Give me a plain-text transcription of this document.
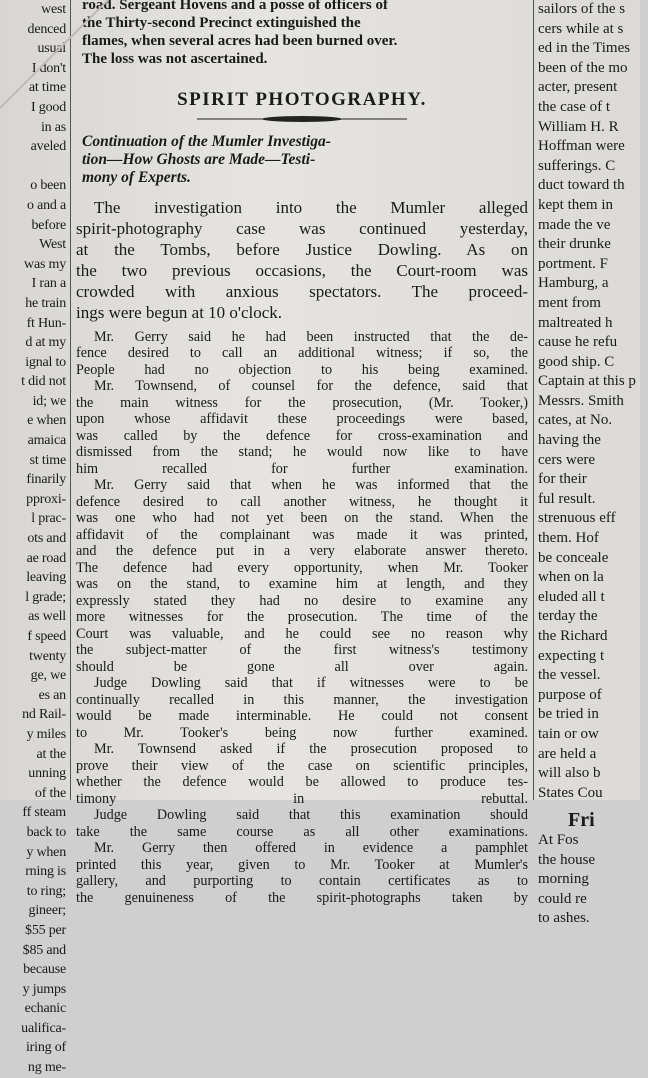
west
denced
usual
I don't
at time
I good
in as
aveled

o been
o and a
before
West
was my
I ran a
he train
ft Hun-
d at my
ignal to
t did not
id; we
e when
amaica
st time
finarily
pproxi-
l prac-
ots and
ae road
leaving
l grade;
as well
f speed
twenty
ge, we
es an
nd Rail-
y miles
at the
unning
of the
ff steam
back to
y when
rning is
to ring;
gineer;
$55 per
$85 and
because
y jumps
echanic
ualifica-
iring of
ng me-
road. Sergeant Hovens and a posse of officers of
the Thirty-second Precinct extinguished the
flames, when several acres had been burned over.
The loss was not ascertained.
SPIRIT PHOTOGRAPHY.
Continuation of the Mumler Investiga-
tion—How Ghosts are Made—Testi-
mony of Experts.
The investigation into the Mumler alleged
spirit-photography case was continued yesterday,
at the Tombs, before Justice Dowling. As on
the two previous occasions, the Court-room was
crowded with anxious spectators. The proceed-
ings were begun at 10 o'clock.
Mr. Gerry said he had been instructed that the de-
fence desired to call an additional witness; if so, the
People had no objection to his being examined.
Mr. Townsend, of counsel for the defence, said that
the main witness for the prosecution, (Mr. Tooker,)
upon whose affidavit these proceedings were based,
was called by the defence for cross-examination and
dismissed from the stand; he would now like to have
him recalled for further examination.
Mr. Gerry said that when he was informed that the
defence desired to call another witness, he thought it
was one who had not yet been on the stand. When the
affidavit of the complainant was made it was printed,
and the defence put in a very elaborate answer thereto.
The defence had every opportunity, when Mr. Tooker
was on the stand, to examine him at length, and they
expressly stated they had no desire to examine any
more witnesses for the prosecution. The time of the
Court was valuable, and he could see no reason why
the subject-matter of the first witness's testimony
should be gone all over again.
Judge Dowling said that if witnesses were to be
continually recalled in this manner, the investigation
would be made interminable. He could not consent
to Mr. Tooker's being now further examined.
Mr. Townsend asked if the prosecution proposed to
prove their view of the case on scientific principles,
whether the defence would be allowed to produce tes-
timony in rebuttal.
Judge Dowling said that this examination should
take the same course as all other examinations.
Mr. Gerry then offered in evidence a pamphlet
printed this year, given to Mr. Tooker at Mumler's
gallery, and purporting to contain certificates as to
the genuineness of the spirit-photographs taken by
sailors of the s
cers while at s
ed in the Times
been of the mo
acter, present
the case of t
William H. R
Hoffman were
sufferings. C
duct toward th
kept them in
made the ve
their drunke
portment. F
Hamburg, a
ment from
maltreated h
cause he refu
good ship. C
Captain at this p
Messrs. Smith
cates, at No.
having the
cers were
for their
ful result.
strenuous eff
them. Hof
be conceale
when on la
eluded all t
terday the
the Richard
expecting t
the vessel.
purpose of
be tried in
tain or ow
are held a
will also b
States Cou
Fri
At Fos
the house
morning
could re
to ashes.
